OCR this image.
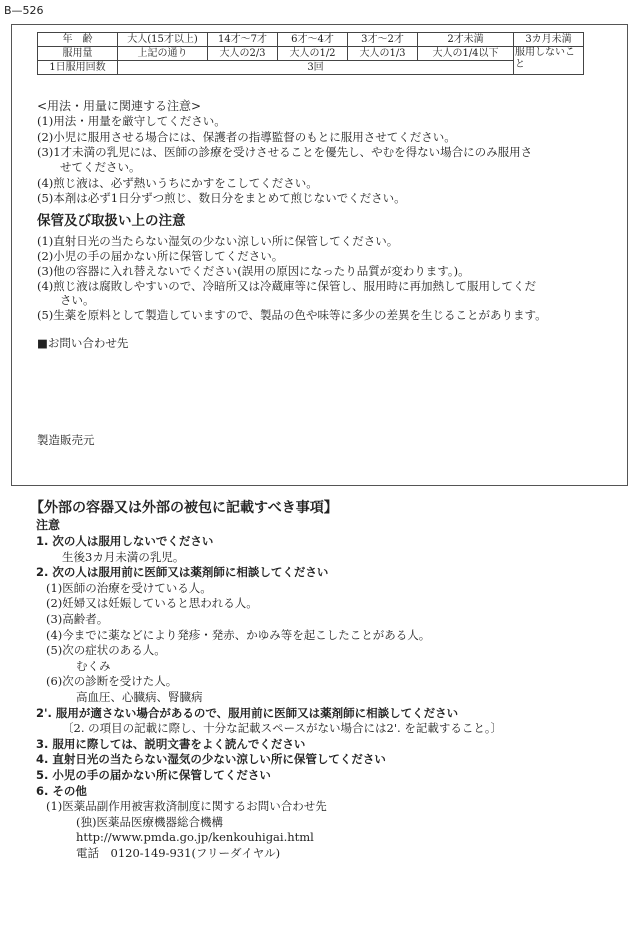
B—526
年　齢	大人(15才以上)	14才〜7才	6才〜4才	3才〜2才	2才未満	3カ月未満
服用量	上記の通り	大人の2/3	大人の1/2	大人の1/3	大人の1/4以下	服用しないこと
1日服用回数	3回					
<用法・用量に関連する注意>
(1)用法・用量を厳守してください。
(2)小児に服用させる場合には、保護者の指導監督のもとに服用させてください。
(3)1才未満の乳児には、医師の診療を受けさせることを優先し、やむを得ない場合にのみ服用さ
　　せてください。
(4)煎じ液は、必ず熱いうちにかすをこしてください。
(5)本剤は必ず1日分ずつ煎じ、数日分をまとめて煎じないでください。
保管及び取扱い上の注意
(1)直射日光の当たらない湿気の少ない涼しい所に保管してください。
(2)小児の手の届かない所に保管してください。
(3)他の容器に入れ替えないでください(誤用の原因になったり品質が変わります。)。
(4)煎じ液は腐敗しやすいので、冷暗所又は冷蔵庫等に保管し、服用時に再加熱して服用してくだ
　　さい。
(5)生薬を原料として製造していますので、製品の色や味等に多少の差異を生じることがあります。
■お問い合わせ先
製造販売元
【外部の容器又は外部の被包に記載すべき事項】
注意
1. 次の人は服用しないでください
生後3カ月未満の乳児。
2. 次の人は服用前に医師又は薬剤師に相談してください
(1)医師の治療を受けている人。
(2)妊婦又は妊娠していると思われる人。
(3)高齢者。
(4)今までに薬などにより発疹・発赤、かゆみ等を起こしたことがある人。
(5)次の症状のある人。
むくみ
(6)次の診断を受けた人。
高血圧、心臓病、腎臓病
2'. 服用が適さない場合があるので、服用前に医師又は薬剤師に相談してください
〔2. の項目の記載に際し、十分な記載スペースがない場合には2'. を記載すること。〕
3. 服用に際しては、説明文書をよく読んでください
4. 直射日光の当たらない湿気の少ない涼しい所に保管してください
5. 小児の手の届かない所に保管してください
6. その他
(1)医薬品副作用被害救済制度に関するお問い合わせ先
(独)医薬品医療機器総合機構
http://www.pmda.go.jp/kenkouhigai.html
電話　0120-149-931(フリーダイヤル)
